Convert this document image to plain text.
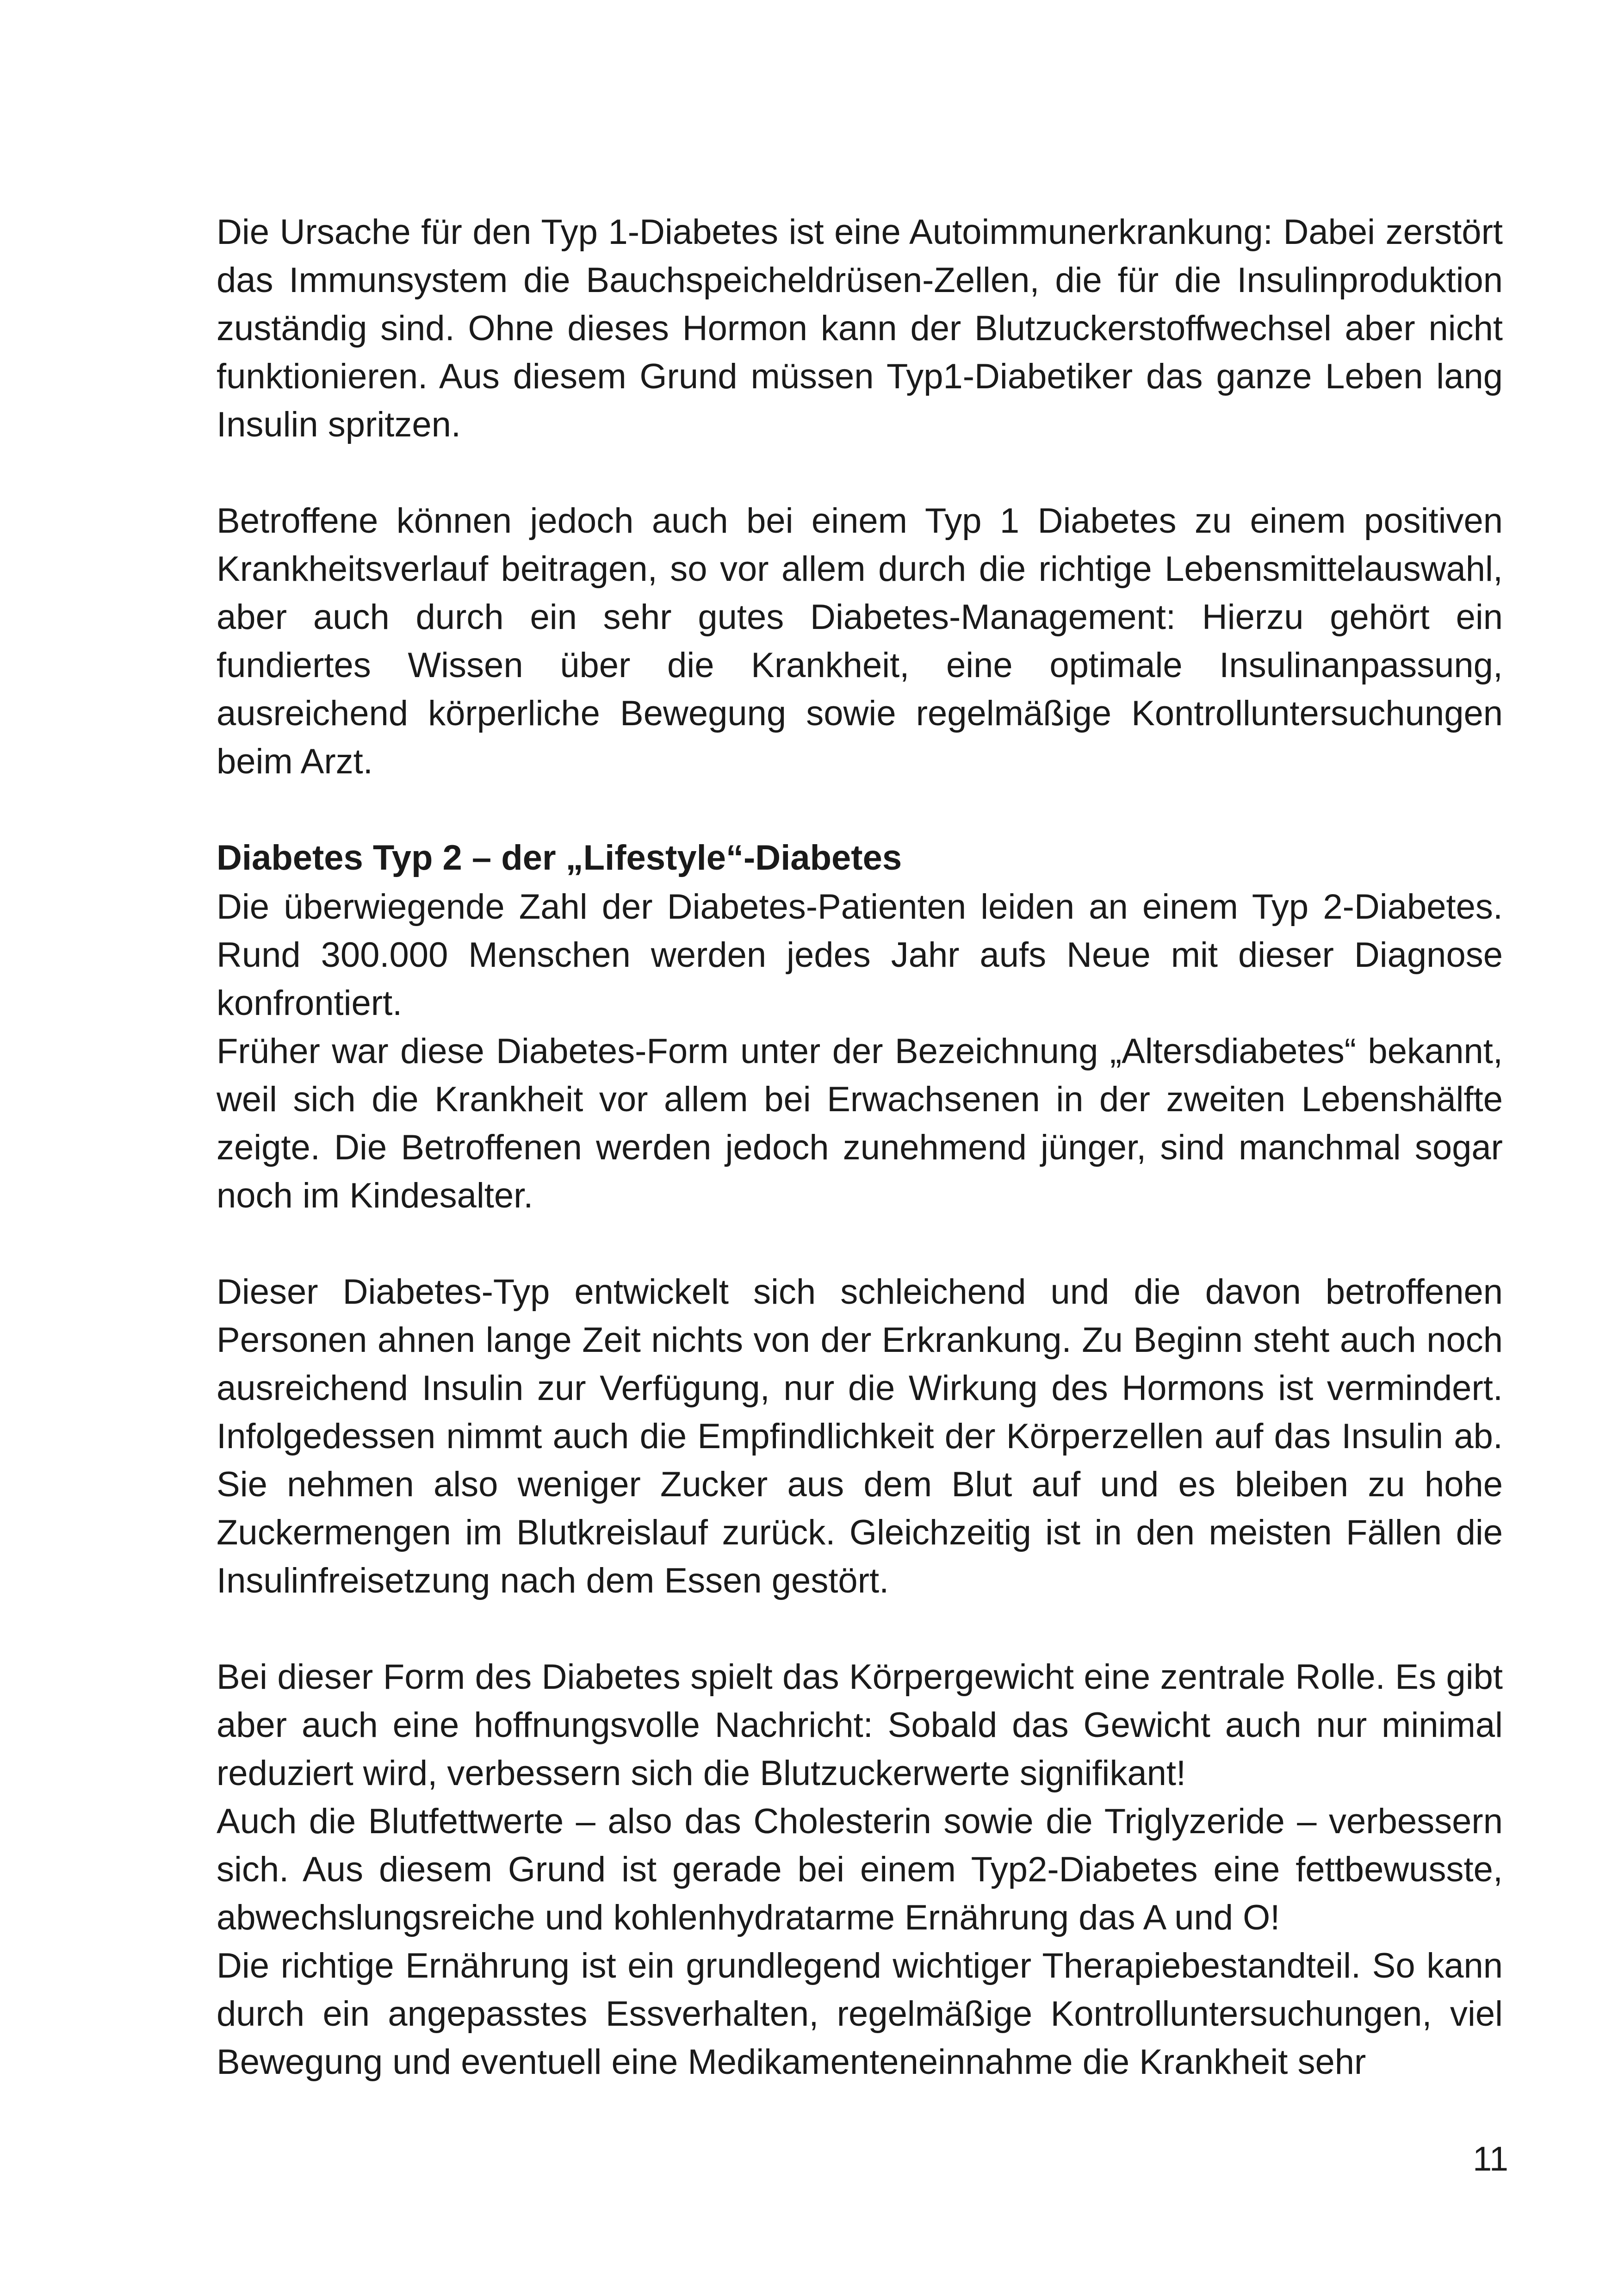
Die Ursache für den Typ 1-Diabetes ist eine Autoimmunerkrankung: Dabei zerstört das Immunsystem die Bauchspeicheldrüsen-Zellen, die für die Insulinproduktion zuständig sind. Ohne dieses Hormon kann der Blutzuckerstoffwechsel aber nicht funktionieren. Aus diesem Grund müssen Typ1-Diabetiker das ganze Leben lang Insulin spritzen.

Betroffene können jedoch auch bei einem Typ 1 Diabetes zu einem positiven Krankheitsverlauf beitragen, so vor allem durch die richtige Lebensmittelauswahl, aber auch durch ein sehr gutes Diabetes-Management: Hierzu gehört ein fundiertes Wissen über die Krankheit, eine optimale Insulinanpassung, ausreichend körperliche Bewegung sowie regelmäßige Kontrolluntersuchungen beim Arzt.

Diabetes Typ 2 – der „Lifestyle“-Diabetes

Die überwiegende Zahl der Diabetes-Patienten leiden an einem Typ 2-Diabetes. Rund 300.000 Menschen werden jedes Jahr aufs Neue mit dieser Diagnose konfrontiert.

Früher war diese Diabetes-Form unter der Bezeichnung „Altersdiabetes“ bekannt, weil sich die Krankheit vor allem bei Erwachsenen in der zweiten Lebenshälfte zeigte. Die Betroffenen werden jedoch zunehmend jünger, sind manchmal sogar noch im Kindesalter.

Dieser Diabetes-Typ entwickelt sich schleichend und die davon betroffenen Personen ahnen lange Zeit nichts von der Erkrankung. Zu Beginn steht auch noch ausreichend Insulin zur Verfügung, nur die Wirkung des Hormons ist vermindert. Infolgedessen nimmt auch die Empfindlichkeit der Körperzellen auf das Insulin ab. Sie nehmen also weniger Zucker aus dem Blut auf und es bleiben zu hohe Zuckermengen im Blutkreislauf zurück. Gleichzeitig ist in den meisten Fällen die Insulinfreisetzung nach dem Essen gestört.

Bei dieser Form des Diabetes spielt das Körpergewicht eine zentrale Rolle. Es gibt aber auch eine hoffnungsvolle Nachricht: Sobald das Gewicht auch nur minimal reduziert wird, verbessern sich die Blutzuckerwerte signifikant!

Auch die Blutfettwerte – also das Cholesterin sowie die Triglyzeride – verbessern sich. Aus diesem Grund ist gerade bei einem Typ2-Diabetes eine fettbewusste, abwechslungsreiche und kohlenhydratarme Ernährung das A und O!

Die richtige Ernährung ist ein grundlegend wichtiger Therapiebestandteil. So kann durch ein angepasstes Essverhalten, regelmäßige Kontrolluntersuchungen, viel Bewegung und eventuell eine Medikamenteneinnahme die Krankheit sehr

11
